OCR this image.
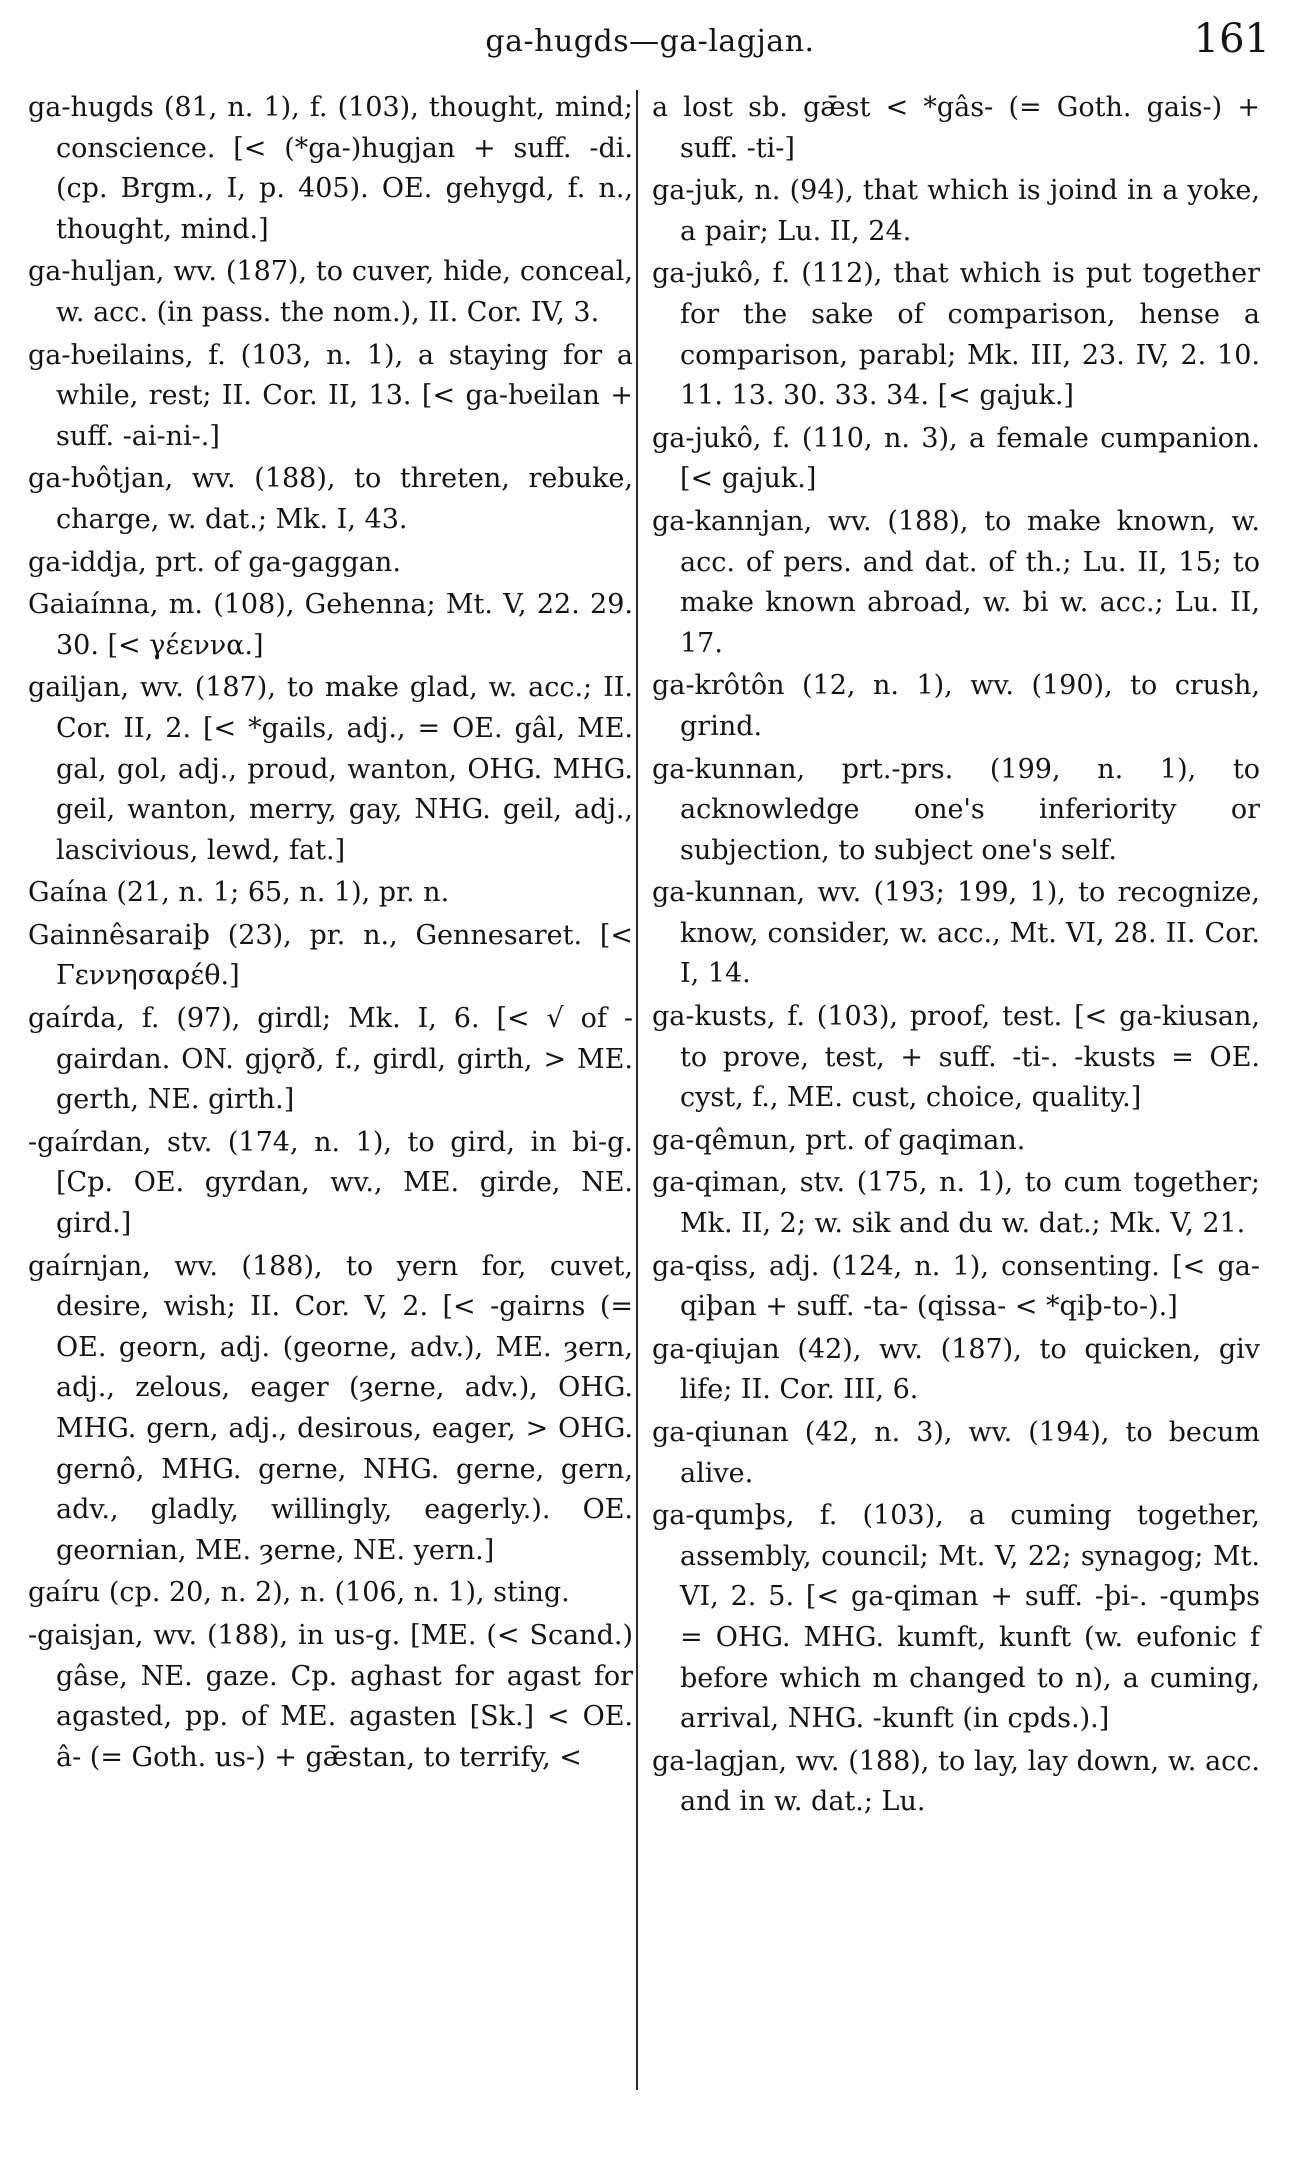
ga-hugds—ga-lagjan.	161

ga-hugds (81, n. 1), f. (103), thought, mind; conscience. [< (*ga-)hugjan + suff. -di. (cp. Brgm., I, p. 405). OE. gehygd, f. n., thought, mind.]

ga-huljan, wv. (187), to cuver, hide, conceal, w. acc. (in pass. the nom.), II. Cor. IV, 3.

ga-ƕeilains, f. (103, n. 1), a staying for a while, rest; II. Cor. II, 13. [< ga-ƕeilan + suff. -ai-ni-.]

ga-ƕôtjan, wv. (188), to threten, rebuke, charge, w. dat.; Mk. I, 43.

ga-iddja, prt. of ga-gaggan.

Gaiaínna, m. (108), Gehenna; Mt. V, 22. 29. 30. [< γέεννα.]

gailjan, wv. (187), to make glad, w. acc.; II. Cor. II, 2. [< *gails, adj., = OE. gâl, ME. gal, gol, adj., proud, wanton, OHG. MHG. geil, wanton, merry, gay, NHG. geil, adj., lascivious, lewd, fat.]

Gaína (21, n. 1; 65, n. 1), pr. n.

Gainnêsaraiþ (23), pr. n., Gennesaret. [< Γεννησαρέθ.]

gaírda, f. (97), girdl; Mk. I, 6. [< √ of -gairdan. ON. gjǫrð, f., girdl, girth, > ME. gerth, NE. girth.]

-gaírdan, stv. (174, n. 1), to gird, in bi-g. [Cp. OE. gyrdan, wv., ME. girde, NE. gird.]

gaírnjan, wv. (188), to yern for, cuvet, desire, wish; II. Cor. V, 2. [< -gairns (= OE. georn, adj. (georne, adv.), ME. ȝern, adj., zelous, eager (ȝerne, adv.), OHG. MHG. gern, adj., desirous, eager, > OHG. gernô, MHG. gerne, NHG. gerne, gern, adv., gladly, willingly, eagerly.). OE. geornian, ME. ȝerne, NE. yern.]

gaíru (cp. 20, n. 2), n. (106, n. 1), sting.

-gaisjan, wv. (188), in us-g. [ME. (< Scand.) gâse, NE. gaze. Cp. aghast for agast for agasted, pp. of ME. agasten [Sk.] < OE. â- (= Goth. us-) + gǣstan, to terrify, <

a lost sb. gǣst < *gâs- (= Goth. gais-) + suff. -ti-]

ga-juk, n. (94), that which is joind in a yoke, a pair; Lu. II, 24.

ga-jukô, f. (112), that which is put together for the sake of comparison, hense a comparison, parabl; Mk. III, 23. IV, 2. 10. 11. 13. 30. 33. 34. [< gajuk.]

ga-jukô, f. (110, n. 3), a female cumpanion. [< gajuk.]

ga-kannjan, wv. (188), to make known, w. acc. of pers. and dat. of th.; Lu. II, 15; to make known abroad, w. bi w. acc.; Lu. II, 17.

ga-krôtôn (12, n. 1), wv. (190), to crush, grind.

ga-kunnan, prt.-prs. (199, n. 1), to acknowledge one's inferiority or subjection, to subject one's self.

ga-kunnan, wv. (193; 199, 1), to recognize, know, consider, w. acc., Mt. VI, 28. II. Cor. I, 14.

ga-kusts, f. (103), proof, test. [< ga-kiusan, to prove, test, + suff. -ti-. -kusts = OE. cyst, f., ME. cust, choice, quality.]

ga-qêmun, prt. of gaqiman.

ga-qiman, stv. (175, n. 1), to cum together; Mk. II, 2; w. sik and du w. dat.; Mk. V, 21.

ga-qiss, adj. (124, n. 1), consenting. [< ga-qiþan + suff. -ta- (qissa- < *qiþ-to-).]

ga-qiujan (42), wv. (187), to quicken, giv life; II. Cor. III, 6.

ga-qiunan (42, n. 3), wv. (194), to becum alive.

ga-qumþs, f. (103), a cuming together, assembly, council; Mt. V, 22; synagog; Mt. VI, 2. 5. [< ga-qiman + suff. -þi-. -qumþs = OHG. MHG. kumft, kunft (w. eufonic f before which m changed to n), a cuming, arrival, NHG. -kunft (in cpds.).]

ga-lagjan, wv. (188), to lay, lay down, w. acc. and in w. dat.; Lu.
